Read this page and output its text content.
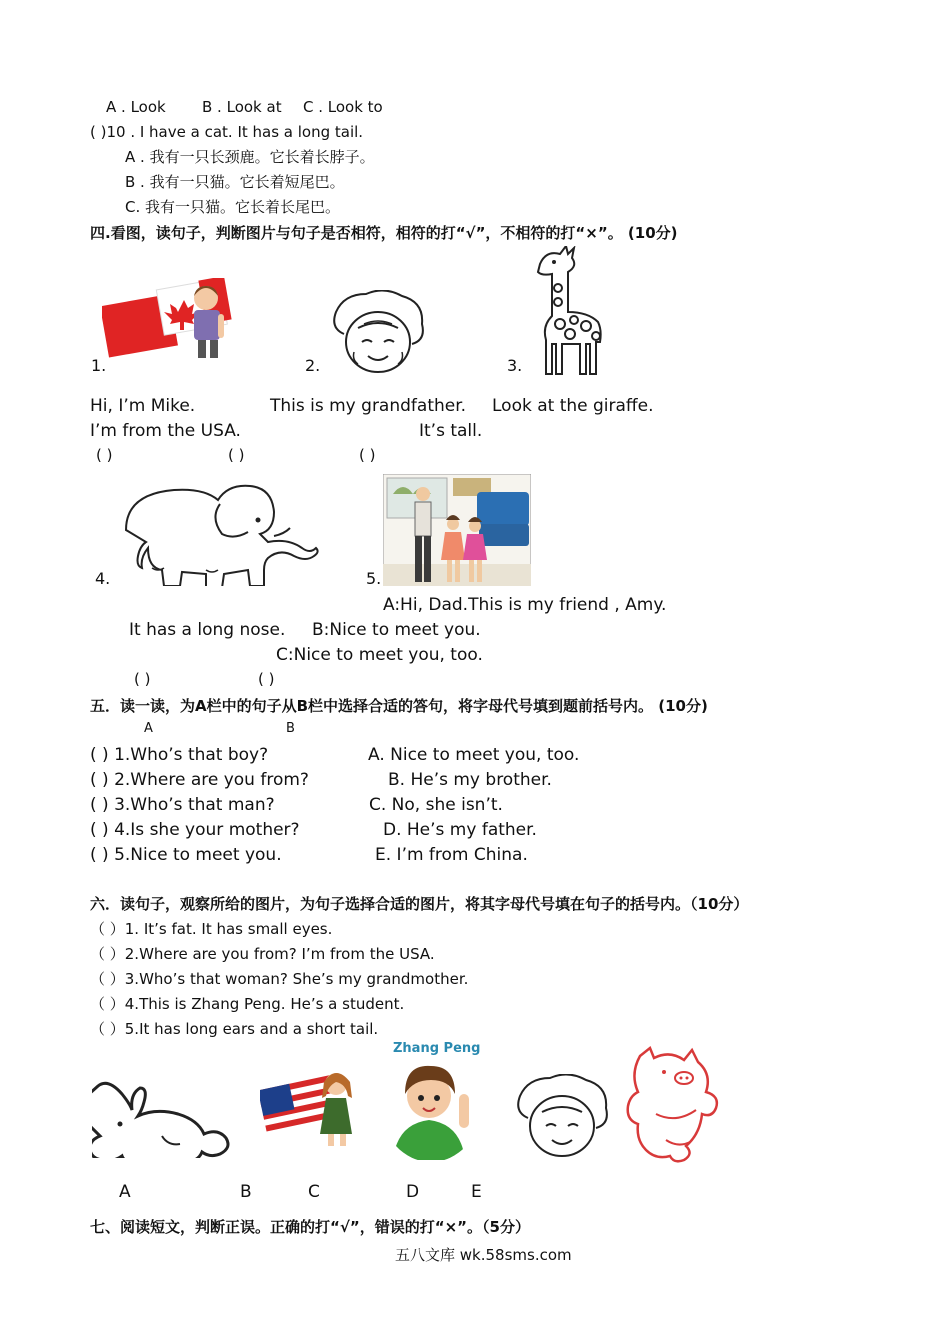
A . Look B . Look at C . Look to
( )10 . I have a cat. It has a long tail.
A . 我有一只长颈鹿。它长着长脖子。
B . 我有一只猫。它长着短尾巴。
C. 我有一只猫。它长着长尾巴。
四.看图，读句子，判断图片与句子是否相符，相符的打“√”，不相符的打“×”。 (10分)
1.	2.	3.
Hi, I’m Mike.	This is my grandfather. Look at the giraffe.
I’m from the USA.	It’s tall.
( )	( )	( )
4.	5.
A:Hi, Dad.This is my friend , Amy.
It has a long nose. B:Nice to meet you.
C:Nice to meet you, too.
( )	( )
五．读一读，为A栏中的句子从B栏中选择合适的答句，将字母代号填到题前括号内。 (10分)
A	B
( ) 1.Who’s that boy?	A. Nice to meet you, too.
( ) 2.Where are you from?	B. He’s my brother.
( ) 3.Who’s that man?	C. No, she isn’t.
( ) 4.Is she your mother?	D. He’s my father.
( ) 5.Nice to meet you.	E. I’m from China.
六．读句子，观察所给的图片，为句子选择合适的图片，将其字母代号填在句子的括号内。（10分）
（ ）1. It’s fat. It has small eyes.
（ ）2.Where are you from? I’m from the USA.
（ ）3.Who’s that woman? She’s my grandmother.
（ ）4.This is Zhang Peng. He’s a student.
（ ）5.It has long ears and a short tail.
Zhang Peng
A	B	C	D	E
七、阅读短文，判断正误。正确的打“√”，错误的打“×”。（5分）
五八文库 wk.58sms.com
